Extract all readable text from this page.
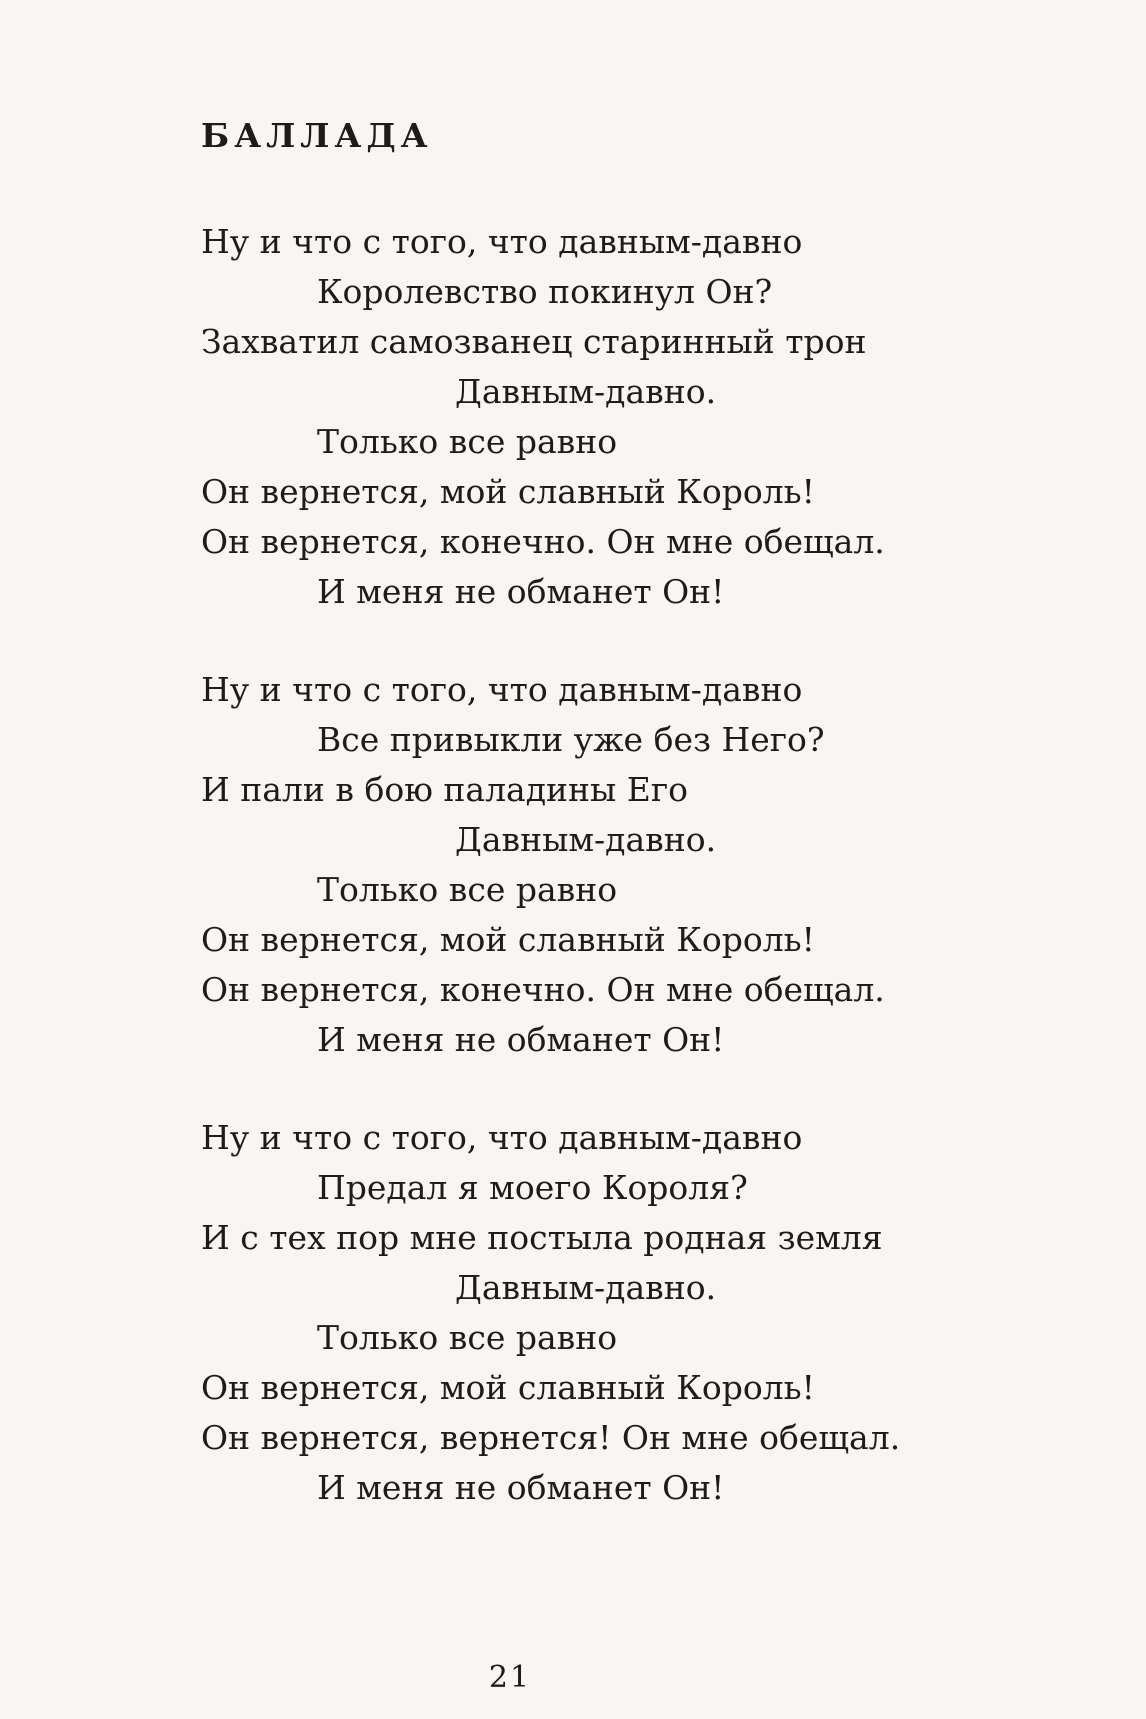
БАЛЛАДА
Ну и что с того, что давным-давно
Королевство покинул Он?
Захватил самозванец старинный трон
Давным-давно.
Только все равно
Он вернется, мой славный Король!
Он вернется, конечно. Он мне обещал.
И меня не обманет Он!
Ну и что с того, что давным-давно
Все привыкли уже без Него?
И пали в бою паладины Его
Давным-давно.
Только все равно
Он вернется, мой славный Король!
Он вернется, конечно. Он мне обещал.
И меня не обманет Он!
Ну и что с того, что давным-давно
Предал я моего Короля?
И с тех пор мне постыла родная земля
Давным-давно.
Только все равно
Он вернется, мой славный Король!
Он вернется, вернется! Он мне обещал.
И меня не обманет Он!
21
